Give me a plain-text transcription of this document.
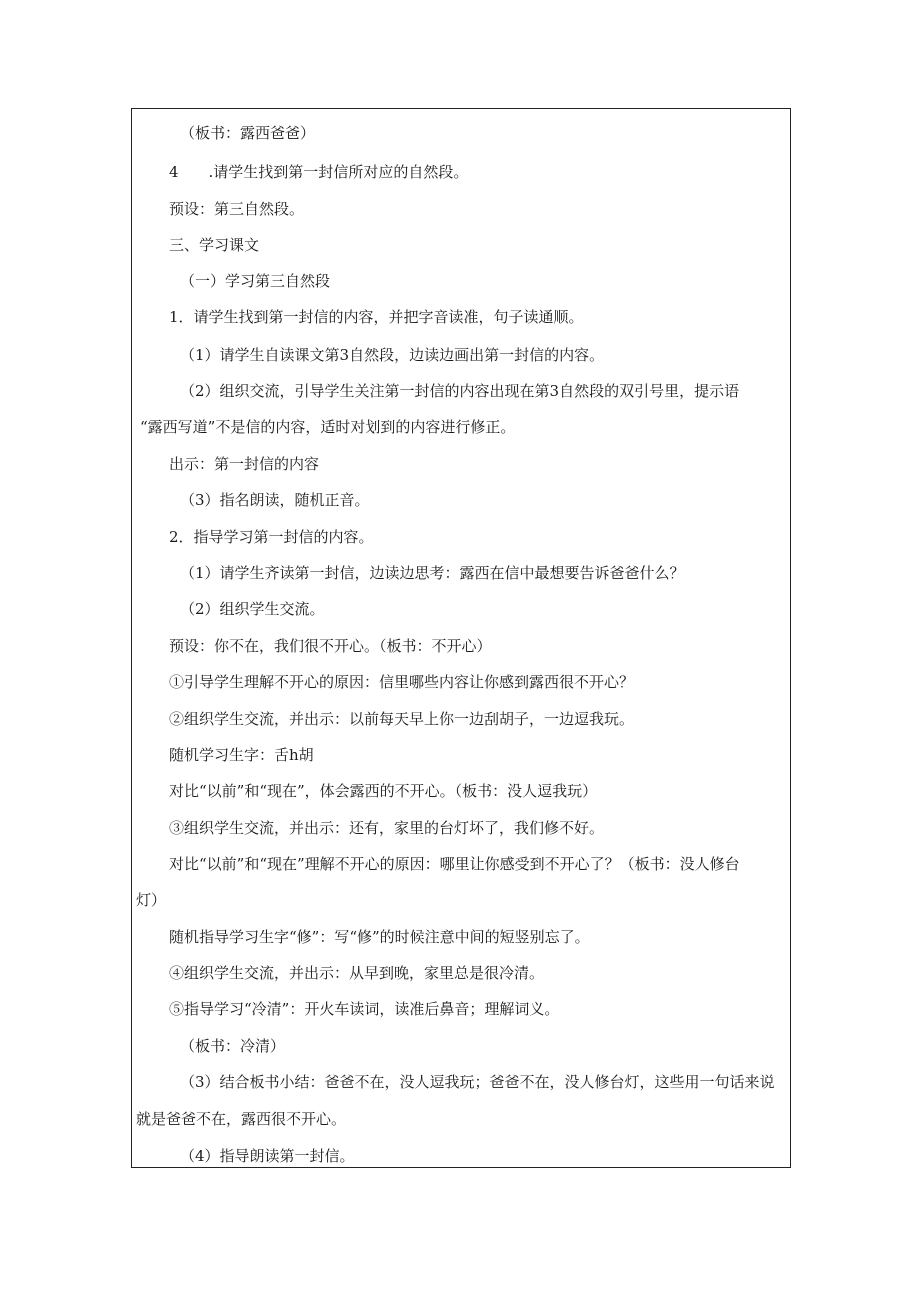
（板书：露西爸爸）
4　　.请学生找到第一封信所对应的自然段。
预设：第三自然段。
三、学习课文
（一）学习第三自然段
1．请学生找到第一封信的内容，并把字音读准，句子读通顺。
（1）请学生自读课文第3自然段，边读边画出第一封信的内容。
（2）组织交流，引导学生关注第一封信的内容出现在第3自然段的双引号里，提示语
“露西写道”不是信的内容，适时对划到的内容进行修正。
出示：第一封信的内容
（3）指名朗读，随机正音。
2．指导学习第一封信的内容。
（1）请学生齐读第一封信，边读边思考：露西在信中最想要告诉爸爸什么？
（2）组织学生交流。
预设：你不在，我们很不开心。（板书：不开心）
①引导学生理解不开心的原因：信里哪些内容让你感到露西很不开心？
②组织学生交流，并出示：以前每天早上你一边刮胡子，一边逗我玩。
随机学习生字：舌h胡
对比“以前”和“现在”，体会露西的不开心。（板书：没人逗我玩）
③组织学生交流，并出示：还有，家里的台灯坏了，我们修不好。
对比“以前”和“现在”理解不开心的原因：哪里让你感受到不开心了？（板书：没人修台
灯）
随机指导学习生字“修”：写“修”的时候注意中间的短竖别忘了。
④组织学生交流，并出示：从早到晚，家里总是很冷清。
⑤指导学习“冷清”：开火车读词，读准后鼻音；理解词义。
（板书：冷清）
（3）结合板书小结：爸爸不在，没人逗我玩；爸爸不在，没人修台灯，这些用一句话来说
就是爸爸不在，露西很不开心。
（4）指导朗读第一封信。
